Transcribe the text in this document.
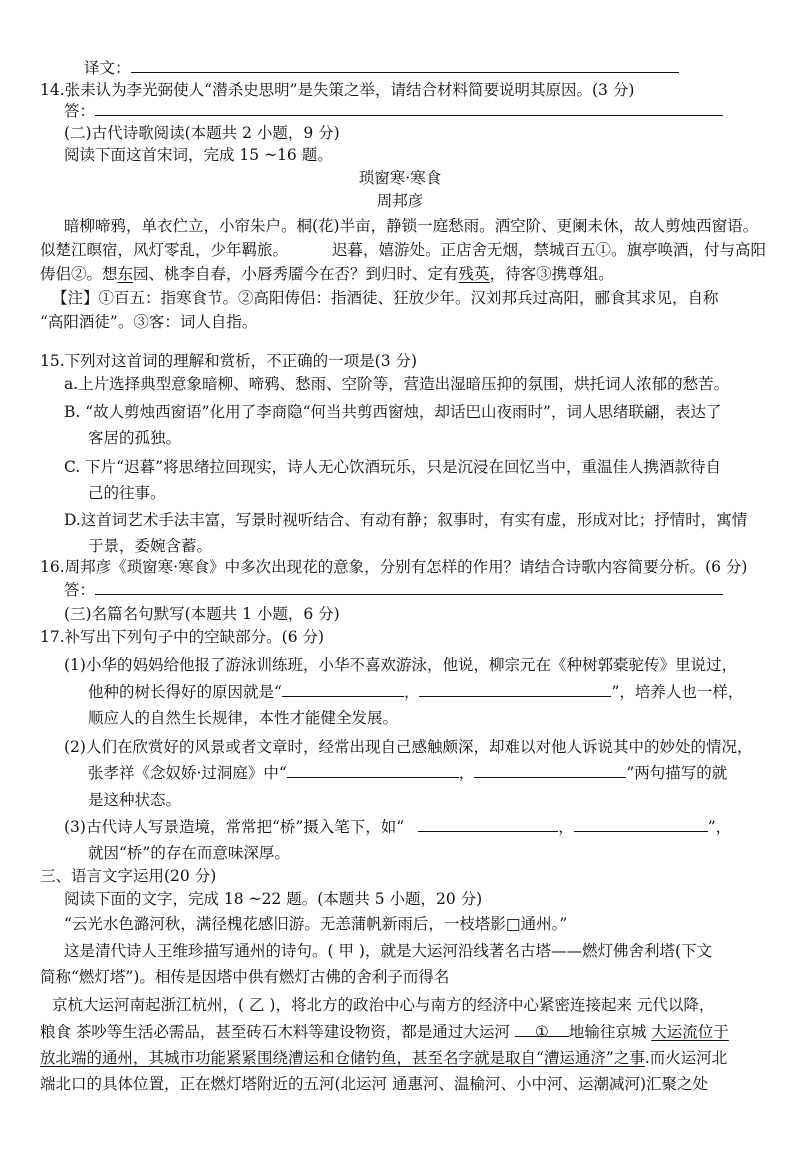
译文：
14.张耒认为李光弼使人“潜杀史思明”是失策之举，请结合材料简要说明其原因。(3 分)
答：
(二)古代诗歌阅读(本题共 2 小题，9 分)
阅读下面这首宋词，完成 15 ~16 题。
琐窗寒·寒食
周邦彦
暗柳啼鸦，单衣伫立，小帘朱户。桐(花)半亩，静锁一庭愁雨。洒空阶、更阑未休，故人剪烛西窗语。
似楚江暝宿，风灯零乱，少年羁旅。	迟暮，嬉游处。正店舍无烟，禁城百五①。旗亭唤酒，付与高阳
俦侣②。想东园、桃李自春，小唇秀靥今在否？到归时、定有残英，待客③携尊俎。
【注】①百五：指寒食节。②高阳俦侣：指酒徒、狂放少年。汉刘邦兵过高阳，郦食其求见，自称
“高阳酒徒”。③客：词人自指。
15.下列对这首词的理解和赏析，不正确的一项是(3 分)
a.上片选择典型意象暗柳、啼鸦、愁雨、空阶等，营造出湿暗压抑的氛围，烘托词人浓郁的愁苦。
B. “故人剪烛西窗语”化用了李商隐“何当共剪西窗烛，却话巴山夜雨时”，词人思绪联翩，表达了
客居的孤独。
C. 下片“迟暮”将思绪拉回现实，诗人无心饮酒玩乐，只是沉浸在回忆当中，重温佳人携酒款待自
己的往事。
D.这首词艺术手法丰富，写景时视听结合、有动有静；叙事时，有实有虚，形成对比；抒情时，寓情
于景，委婉含蓄。
16.周邦彦《琐窗寒·寒食》中多次出现花的意象，分别有怎样的作用？请结合诗歌内容简要分析。(6 分)
答：
(三)名篇名句默写(本题共 1 小题，6 分)
17.补写出下列句子中的空缺部分。(6 分)
(1)小华的妈妈给他报了游泳训练班，小华不喜欢游泳，他说，柳宗元在《种树郭橐驼传》里说过，
他种的树长得好的原因就是“	，	”，培养人也一样，
顺应人的自然生长规律，本性才能健全发展。
(2)人们在欣赏好的风景或者文章时，经常出现自己感触颇深，却难以对他人诉说其中的妙处的情况，
张孝祥《念奴娇·过洞庭》中“	，	”两句描写的就
是这种状态。
(3)古代诗人写景造境，常常把“桥”摄入笔下，如“	，	”，
就因“桥”的存在而意味深厚。
三、语言文字运用(20 分)
阅读下面的文字，完成 18 ~22 题。(本题共 5 小题，20 分)
“云光水色潞河秋，满径槐花感旧游。无恙蒲帆新雨后，一枝塔影□通州。”
这是清代诗人王维珍描写通州的诗句。( 甲 )，就是大运河沿线著名古塔——燃灯佛舍利塔(下文
简称“燃灯塔”)。相传是因塔中供有燃灯古佛的舍利子而得名
京杭大运河南起浙江杭州，( 乙 )，将北方的政治中心与南方的经济中心紧密连接起来 元代以降，
粮食 茶吵等生活必需品，甚至砖石木料等建设物资，都是通过大运河 ① 地输往京城 大运流位于
放北端的通州，其城市功能紧紧围绕漕运和仓储钓鱼，甚至名字就是取自“漕运通济”之事.而火运河北
端北口的具体位置，正在燃灯塔附近的五河(北运河 通惠河、温榆河、小中河、运潮减河)汇聚之处
